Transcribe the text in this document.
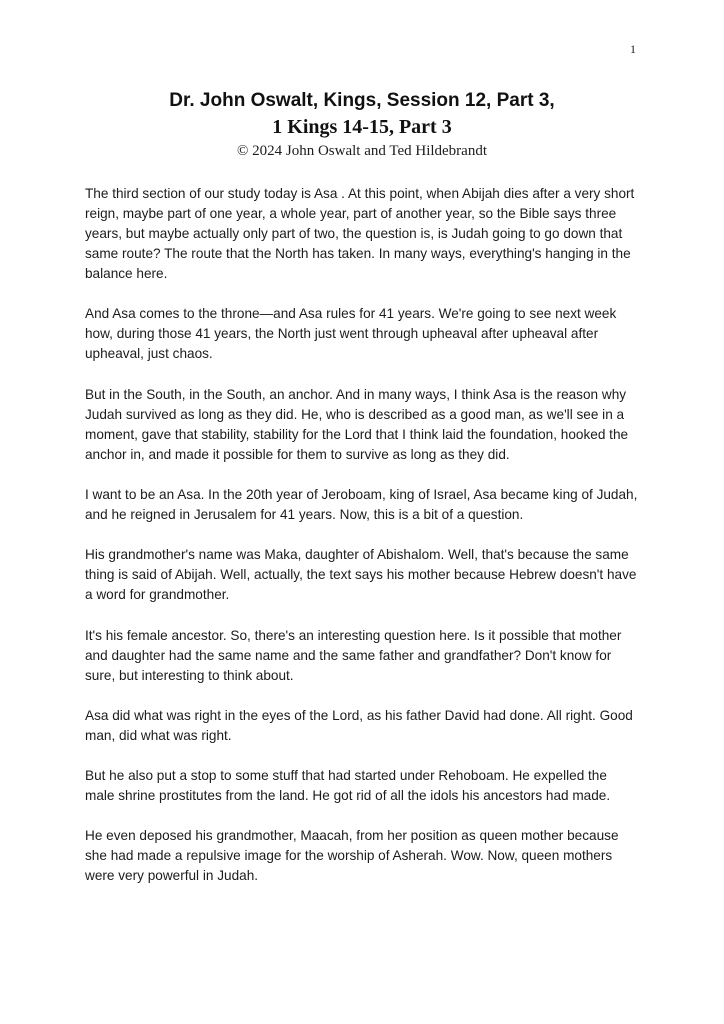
1
Dr. John Oswalt, Kings, Session 12, Part 3,
1 Kings 14-15, Part 3
© 2024 John Oswalt and Ted Hildebrandt

The third section of our study today is Asa . At this point, when Abijah dies after a very short reign, maybe part of one year, a whole year, part of another year, so the Bible says three years, but maybe actually only part of two, the question is, is Judah going to go down that same route? The route that the North has taken. In many ways, everything's hanging in the balance here.

And Asa comes to the throne—and Asa rules for 41 years. We're going to see next week how, during those 41 years, the North just went through upheaval after upheaval after upheaval, just chaos.

But in the South, in the South, an anchor. And in many ways, I think Asa is the reason why Judah survived as long as they did. He, who is described as a good man, as we'll see in a moment, gave that stability, stability for the Lord that I think laid the foundation, hooked the anchor in, and made it possible for them to survive as long as they did.

I want to be an Asa. In the 20th year of Jeroboam, king of Israel, Asa became king of Judah, and he reigned in Jerusalem for 41 years. Now, this is a bit of a question.

His grandmother's name was Maka, daughter of Abishalom. Well, that's because the same thing is said of Abijah. Well, actually, the text says his mother because Hebrew doesn't have a word for grandmother.

It's his female ancestor. So, there's an interesting question here. Is it possible that mother and daughter had the same name and the same father and grandfather? Don't know for sure, but interesting to think about.

Asa did what was right in the eyes of the Lord, as his father David had done. All right. Good man, did what was right.

But he also put a stop to some stuff that had started under Rehoboam. He expelled the male shrine prostitutes from the land. He got rid of all the idols his ancestors had made.

He even deposed his grandmother, Maacah, from her position as queen mother because she had made a repulsive image for the worship of Asherah. Wow. Now, queen mothers were very powerful in Judah.
